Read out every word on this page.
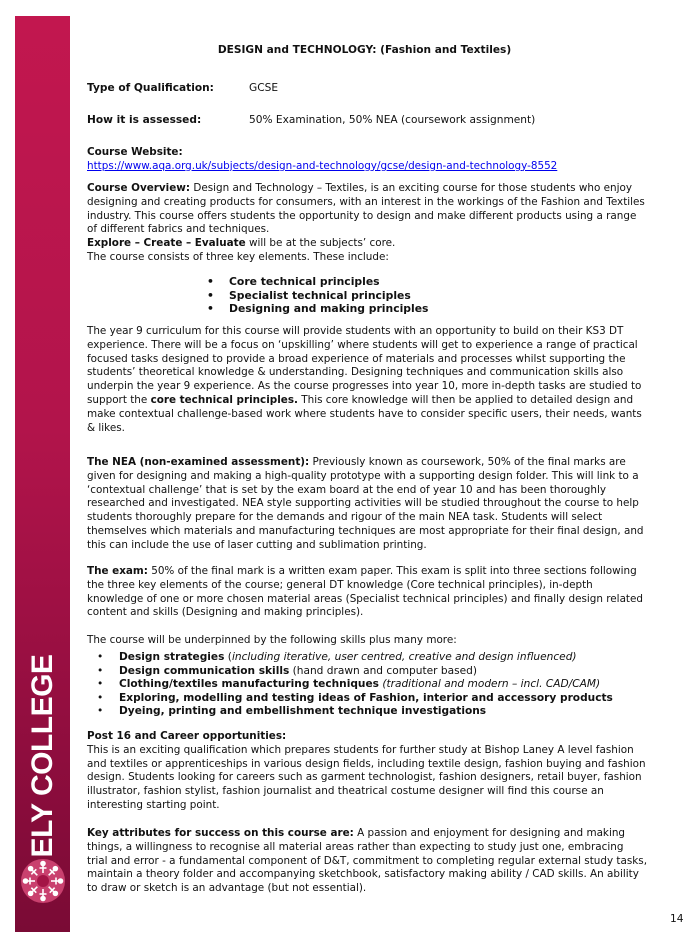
ELY COLLEGE
DESIGN and TECHNOLOGY: (Fashion and Textiles)
Type of Qualification:	GCSE
How it is assessed:	50% Examination, 50% NEA (coursework assignment)

Course Website:

https://www.aqa.org.uk/subjects/design-and-technology/gcse/design-and-technology-8552

Course Overview: Design and Technology – Textiles, is an exciting course for those students who enjoy designing and creating products for consumers, with an interest in the workings of the Fashion and Textiles industry. This course offers students the opportunity to design and make different products using a range of different fabrics and techniques.

Explore – Create – Evaluate will be at the subjects’ core.

The course consists of three key elements. These include:

• Core technical principles
• Specialist technical principles
• Designing and making principles

The year 9 curriculum for this course will provide students with an opportunity to build on their KS3 DT experience. There will be a focus on ‘upskilling’ where students will get to experience a range of practical focused tasks designed to provide a broad experience of materials and processes whilst supporting the students’ theoretical knowledge & understanding. Designing techniques and communication skills also underpin the year 9 experience. As the course progresses into year 10, more in-depth tasks are studied to support the core technical principles. This core knowledge will then be applied to detailed design and make contextual challenge-based work where students have to consider specific users, their needs, wants & likes.

The NEA (non-examined assessment): Previously known as coursework, 50% of the final marks are given for designing and making a high-quality prototype with a supporting design folder. This will link to a ‘contextual challenge’ that is set by the exam board at the end of year 10 and has been thoroughly researched and investigated. NEA style supporting activities will be studied throughout the course to help students thoroughly prepare for the demands and rigour of the main NEA task. Students will select themselves which materials and manufacturing techniques are most appropriate for their final design, and this can include the use of laser cutting and sublimation printing.

The exam: 50% of the final mark is a written exam paper. This exam is split into three sections following the three key elements of the course; general DT knowledge (Core technical principles), in-depth knowledge of one or more chosen material areas (Specialist technical principles) and finally design related content and skills (Designing and making principles).

The course will be underpinned by the following skills plus many more:

• Design strategies (including iterative, user centred, creative and design influenced)
• Design communication skills (hand drawn and computer based)
• Clothing/textiles manufacturing techniques (traditional and modern – incl. CAD/CAM)
• Exploring, modelling and testing ideas of Fashion, interior and accessory products
• Dyeing, printing and embellishment technique investigations

Post 16 and Career opportunities:

This is an exciting qualification which prepares students for further study at Bishop Laney A level fashion and textiles or apprenticeships in various design fields, including textile design, fashion buying and fashion design. Students looking for careers such as garment technologist, fashion designers, retail buyer, fashion illustrator, fashion stylist, fashion journalist and theatrical costume designer will find this course an interesting starting point.

Key attributes for success on this course are: A passion and enjoyment for designing and making things, a willingness to recognise all material areas rather than expecting to study just one, embracing trial and error - a fundamental component of D&T, commitment to completing regular external study tasks, maintain a theory folder and accompanying sketchbook, satisfactory making ability / CAD skills. An ability to draw or sketch is an advantage (but not essential).

14
